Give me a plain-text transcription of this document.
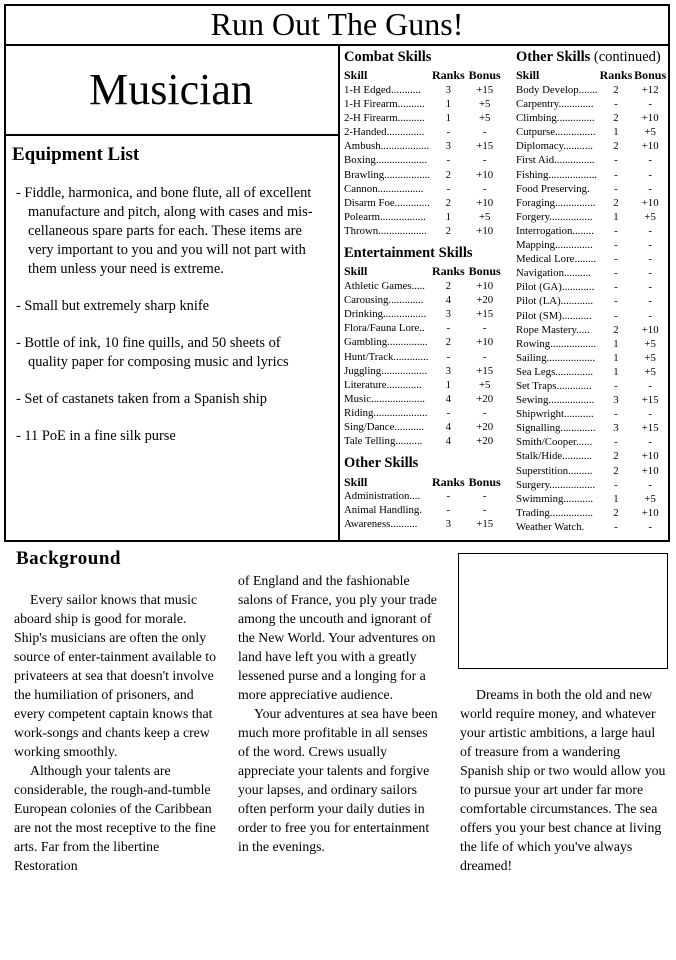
Run Out The Guns!
Musician
Equipment List
- Fiddle, harmonica, and bone flute, all of excellent manufacture and pitch, along with cases and mis-cellaneous spare parts for each. These items are very important to you and you will not part with them unless your need is extreme.
- Small but extremely sharp knife
- Bottle of ink, 10 fine quills, and 50 sheets of quality paper for composing music and lyrics
- Set of castanets taken from a Spanish ship
- 11 PoE in a fine silk purse
Combat Skills
Skill	Ranks	Bonus
1-H Edged...........	3	+15
1-H Firearm..........	1	+5
2-H Firearm..........	1	+5
2-Handed..............	-	-
Ambush..................	3	+15
Boxing...................	-	-
Brawling.................	2	+10
Cannon.................	-	-
Disarm Foe.............	2	+10
Polearm.................	1	+5
Thrown..................	2	+10
Entertainment Skills
Skill	Ranks	Bonus
Athletic Games.....	2	+10
Carousing.............	4	+20
Drinking................	3	+15
Flora/Fauna Lore..	-	-
Gambling...............	2	+10
Hunt/Track.............	-	-
Juggling.................	3	+15
Literature.............	1	+5
Music....................	4	+20
Riding....................	-	-
Sing/Dance...........	4	+20
Tale Telling..........	4	+20
Other Skills
Skill	Ranks	Bonus
Administration....	-	-
Animal Handling.	-	-
Awareness..........	3	+15
Other Skills (continued)
Skill	Ranks	Bonus
Body Develop.......	2	+12
Carpentry.............	-	-
Climbing..............	2	+10
Cutpurse...............	1	+5
Diplomacy...........	2	+10
First Aid...............	-	-
Fishing..................	-	-
Food Preserving.	-	-
Foraging...............	2	+10
Forgery................	1	+5
Interrogation........	-	-
Mapping..............	-	-
Medical Lore........	-	-
Navigation..........	-	-
Pilot (GA)............	-	-
Pilot (LA)............	-	-
Pilot (SM)...........	-	-
Rope Mastery.....	2	+10
Rowing.................	1	+5
Sailing..................	1	+5
Sea Legs..............	1	+5
Set Traps.............	-	-
Sewing.................	3	+15
Shipwright...........	-	-
Signalling.............	3	+15
Smith/Cooper......	-	-
Stalk/Hide...........	2	+10
Superstition.........	2	+10
Surgery.................	-	-
Swimming...........	1	+5
Trading................	2	+10
Weather Watch.	-	-
Background

Every sailor knows that music aboard ship is good for morale. Ship's musicians are often the only source of enter-tainment available to privateers at sea that doesn't involve the humiliation of prisoners, and every competent captain knows that work-songs and chants keep a crew working smoothly.

Although your talents are considerable, the rough-and-tumble European colonies of the Caribbean are not the most receptive to the fine arts. Far from the libertine Restoration

of England and the fashionable salons of France, you ply your trade among the uncouth and ignorant of the New World. Your adventures on land have left you with a greatly lessened purse and a longing for a more appreciative audience.

Your adventures at sea have been much more profitable in all senses of the word. Crews usually appreciate your talents and forgive your lapses, and ordinary sailors often perform your daily duties in order to free you for entertainment in the evenings.

Dreams in both the old and new world require money, and whatever your artistic ambitions, a large haul of treasure from a wandering Spanish ship or two would allow you to pursue your art under far more comfortable circumstances. The sea offers you your best chance at living the life of which you've always dreamed!
